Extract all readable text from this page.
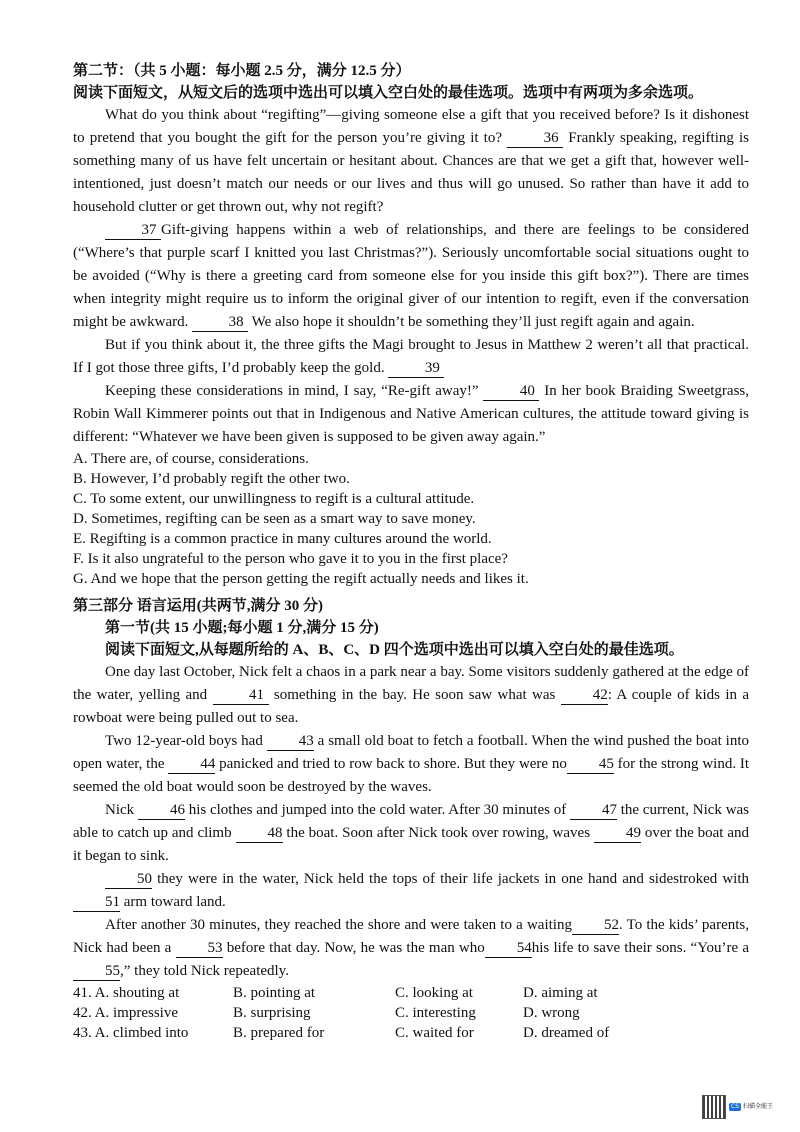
第二节：（共 5 小题：每小题 2.5 分，满分 12.5 分）
阅读下面短文，从短文后的选项中选出可以填入空白处的最佳选项。选项中有两项为多余选项。

What do you think about “regifting”—giving someone else a gift that you received before? Is it dishonest to pretend that you bought the gift for the person you’re giving it to?	36 Frankly speaking, regifting is something many of us have felt uncertain or hesitant about. Chances are that we get a gift that, however well-intentioned, just doesn’t match our needs or our lives and thus will go unused. So rather than have it add to household clutter or get thrown out, why not regift?

37 Gift-giving happens within a web of relationships, and there are feelings to be considered (“Where’s that purple scarf I knitted you last Christmas?”). Seriously uncomfortable social situations ought to be avoided (“Why is there a greeting card from someone else for you inside this gift box?”). There are times when integrity might require us to inform the original giver of our intention to regift, even if the conversation might be awkward.	38 We also hope it shouldn’t be something they’ll just regift again and again.

But if you think about it, the three gifts the Magi brought to Jesus in Matthew 2 weren’t all that practical. If I got those three gifts, I’d probably keep the gold.	39

Keeping these considerations in mind, I say, “Re-gift away!”	40 In her book Braiding Sweetgrass, Robin Wall Kimmerer points out that in Indigenous and Native American cultures, the attitude toward giving is different: “Whatever we have been given is supposed to be given away again.”

A. There are, of course, considerations.

B. However, I’d probably regift the other two.

C. To some extent, our unwillingness to regift is a cultural attitude.

D. Sometimes, regifting can be seen as a smart way to save money.

E. Regifting is a common practice in many cultures around the world.

F. Is it also ungrateful to the person who gave it to you in the first place?

G. And we hope that the person getting the regift actually needs and likes it.

第三部分 语言运用(共两节,满分 30 分)
第一节(共 15 小题;每小题 1 分,满分 15 分)
阅读下面短文,从每题所给的 A、B、C、D 四个选项中选出可以填入空白处的最佳选项。

One day last October, Nick felt a chaos in a park near a bay. Some visitors suddenly gathered at the edge of the water, yelling and	41 something in the bay. He soon saw what was 42: A couple of kids in a rowboat were being pulled out to sea.

Two 12-year-old boys had 43 a small old boat to fetch a football. When the wind pushed the boat into open water, the 44 panicked and tried to row back to shore. But they were no 45 for the strong wind. It seemed the old boat would soon be destroyed by the waves.

Nick 46 his clothes and jumped into the cold water. After 30 minutes of 47 the current, Nick was able to catch up and climb 48 the boat. Soon after Nick took over rowing, waves 49 over the boat and it began to sink.

50 they were in the water, Nick held the tops of their life jackets in one hand and sidestroked with 51 arm toward land.

After another 30 minutes, they reached the shore and were taken to a waiting 52. To the kids’ parents, Nick had been a 53 before that day. Now, he was the man who 54his life to save their sons. “You’re a 55,” they told Nick repeatedly.

41. A. shouting at	B. pointing at	C. looking at	D. aiming at
42. A. impressive	B. surprising	C. interesting	D. wrong
43. A. climbed into	B. prepared for	C. waited for	D. dreamed of
CS 扫描全能王
